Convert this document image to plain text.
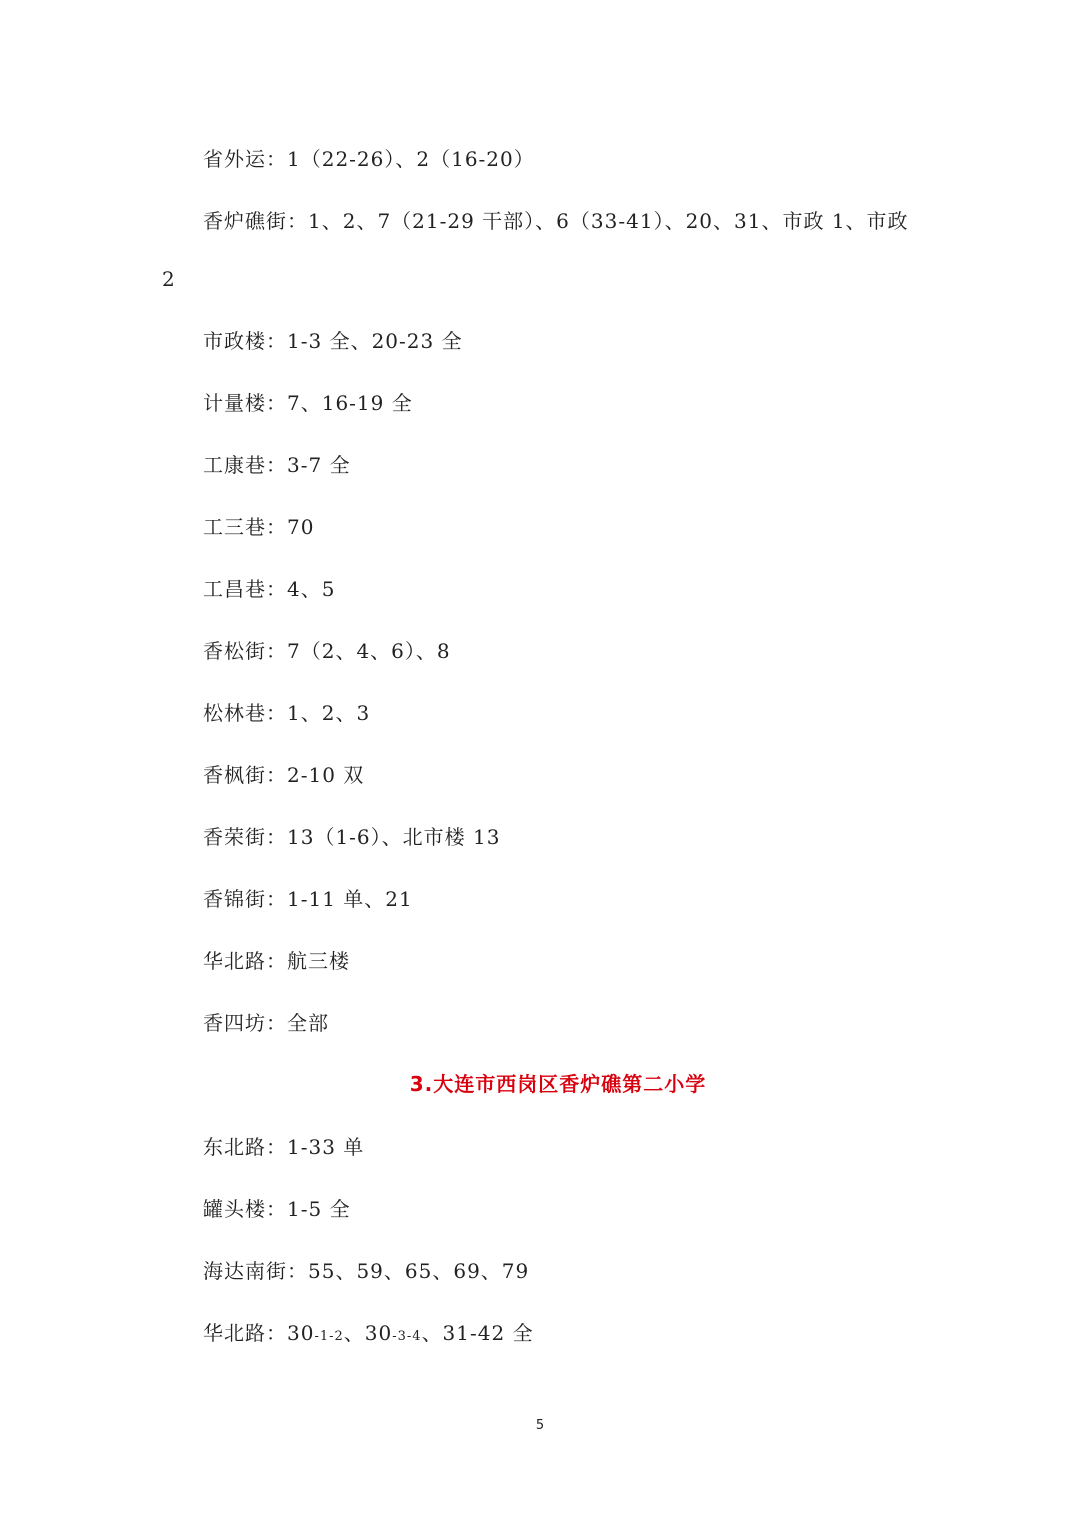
省外运：1（22-26）、2（16-20）
香炉礁街：1、2、7（21-29 干部）、6（33-41）、20、31、市政 1、市政
2
市政楼：1-3 全、20-23 全
计量楼：7、16-19 全
工康巷：3-7 全
工三巷：70
工昌巷：4、5
香松街：7（2、4、6）、8
松林巷：1、2、3
香枫街：2-10 双
香荣街：13（1-6）、北市楼 13
香锦街：1-11 单、21
华北路：航三楼
香四坊：全部
3.大连市西岗区香炉礁第二小学
东北路：1-33 单
罐头楼：1-5 全
海达南街：55、59、65、69、79
华北路：30-1-2、30-3-4、31-42 全
5
